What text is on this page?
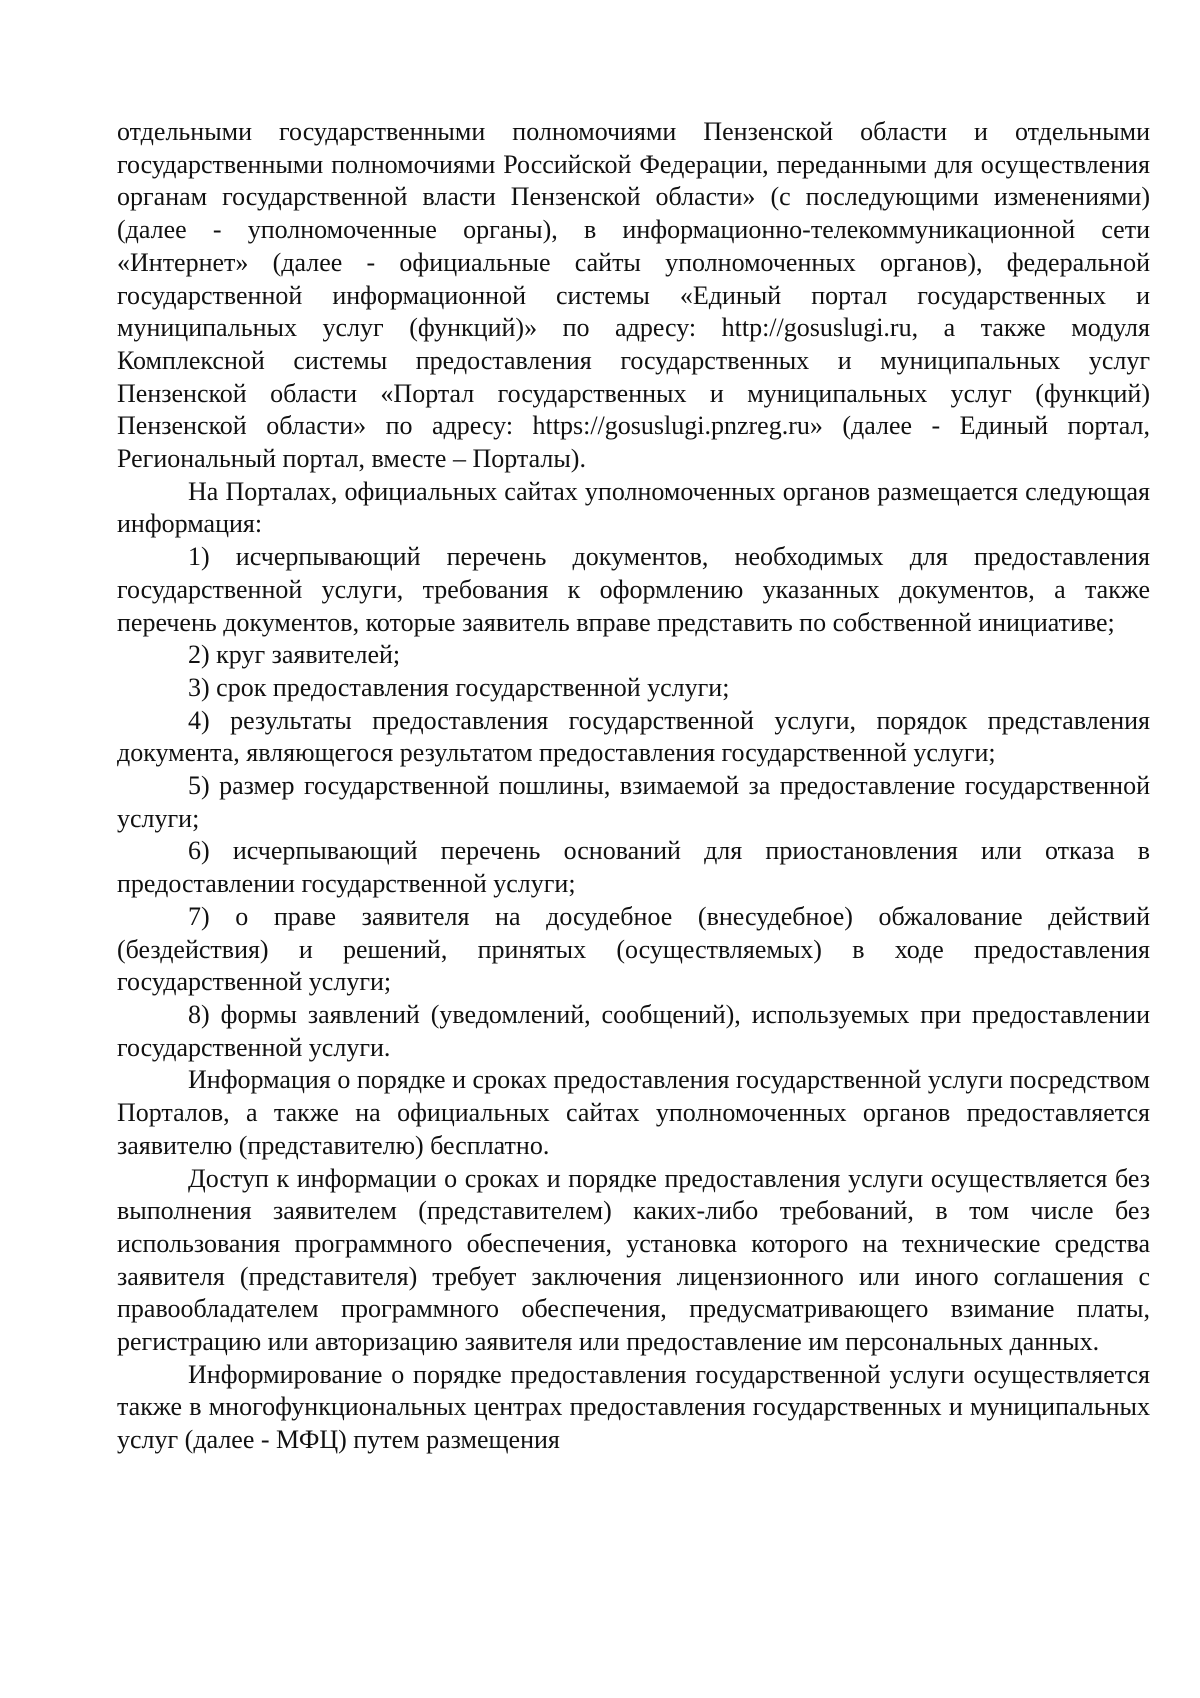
отдельными государственными полномочиями Пензенской области и отдельными государственными полномочиями Российской Федерации, переданными для осуществления органам государственной власти Пензенской области» (с последующими изменениями) (далее - уполномоченные органы), в информационно-телекоммуникационной сети «Интернет» (далее - официальные сайты уполномоченных органов), федеральной государственной информационной системы «Единый портал государственных и муниципальных услуг (функций)» по адресу: http://gosuslugi.ru, а также модуля Комплексной системы предоставления государственных и муниципальных услуг Пензенской области «Портал государственных и муниципальных услуг (функций) Пензенской области» по адресу: https://gosuslugi.pnzreg.ru» (далее - Единый портал, Региональный портал, вместе – Порталы).

На Порталах, официальных сайтах уполномоченных органов размещается следующая информация:

1) исчерпывающий перечень документов, необходимых для предоставления государственной услуги, требования к оформлению указанных документов, а также перечень документов, которые заявитель вправе представить по собственной инициативе;

2) круг заявителей;

3) срок предоставления государственной услуги;

4) результаты предоставления государственной услуги, порядок представления документа, являющегося результатом предоставления государственной услуги;

5) размер государственной пошлины, взимаемой за предоставление государственной услуги;

6) исчерпывающий перечень оснований для приостановления или отказа в предоставлении государственной услуги;

7) о праве заявителя на досудебное (внесудебное) обжалование действий (бездействия) и решений, принятых (осуществляемых) в ходе предоставления государственной услуги;

8) формы заявлений (уведомлений, сообщений), используемых при предоставлении государственной услуги.

Информация о порядке и сроках предоставления государственной услуги посредством Порталов, а также на официальных сайтах уполномоченных органов предоставляется заявителю (представителю) бесплатно.

Доступ к информации о сроках и порядке предоставления услуги осуществляется без выполнения заявителем (представителем) каких-либо требований, в том числе без использования программного обеспечения, установка которого на технические средства заявителя (представителя) требует заключения лицензионного или иного соглашения с правообладателем программного обеспечения, предусматривающего взимание платы, регистрацию или авторизацию заявителя или предоставление им персональных данных.

Информирование о порядке предоставления государственной услуги осуществляется также в многофункциональных центрах предоставления государственных и муниципальных услуг (далее - МФЦ) путем размещения
